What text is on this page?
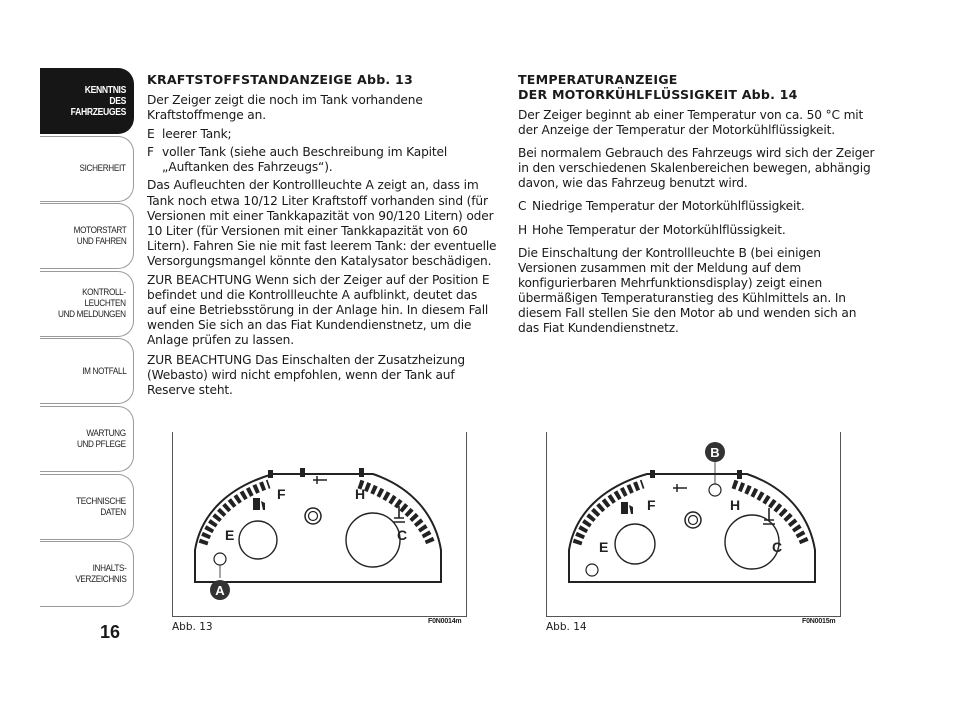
KENNTNIS
DES FAHRZEUGES
SICHERHEIT
MOTORSTART
UND FAHREN
KONTROLL-
LEUCHTEN
UND MELDUNGEN
IM NOTFALL
WARTUNG
UND PFLEGE
TECHNISCHE
DATEN
INHALTS-
VERZEICHNIS
16
KRAFTSTOFFSTANDANZEIGE Abb. 13

Der Zeiger zeigt die noch im Tank vorhandene Kraftstoffmenge an.

E leerer Tank;
F voller Tank (siehe auch Beschreibung im Kapitel „Auftanken des Fahrzeugs“).

Das Aufleuchten der Kontrollleuchte A zeigt an, dass im Tank noch etwa 10/12 Liter Kraftstoff vorhanden sind (für Versionen mit einer Tankkapazität von 90/120 Litern) oder 10 Liter (für Versionen mit einer Tankkapazität von 60 Litern). Fahren Sie nie mit fast leerem Tank: der eventuelle Versorgungsmangel könnte den Katalysator beschädigen.

ZUR BEACHTUNG Wenn sich der Zeiger auf der Position E befindet und die Kontrollleuchte A aufblinkt, deutet das auf eine Betriebsstörung in der Anlage hin. In diesem Fall wenden Sie sich an das Fiat Kundendienstnetz, um die Anlage prüfen zu lassen.

ZUR BEACHTUNG Das Einschalten der Zusatzheizung (Webasto) wird nicht empfohlen, wenn der Tank auf Reserve steht.

TEMPERATURANZEIGE
DER MOTORKÜHLFLÜSSIGKEIT Abb. 14

Der Zeiger beginnt ab einer Temperatur von ca. 50 °C mit der Anzeige der Temperatur der Motorkühlflüssigkeit.

Bei normalem Gebrauch des Fahrzeugs wird sich der Zeiger in den verschiedenen Skalenbereichen bewegen, abhängig davon, wie das Fahrzeug benutzt wird.

C Niedrige Temperatur der Motorkühlflüssigkeit.
H Hohe Temperatur der Motorkühlflüssigkeit.

Die Einschaltung der Kontrollleuchte B (bei einigen Versionen zusammen mit der Meldung auf dem konfigurierbaren Mehrfunktionsdisplay) zeigt einen übermäßigen Temperaturanstieg des Kühlmittels an. In diesem Fall stellen Sie den Motor ab und wenden sich an das Fiat Kundendienstnetz.

F	H
E	C
A
Abb. 13	F0N0014m
F	H
E	C
B
Abb. 14	F0N0015m
